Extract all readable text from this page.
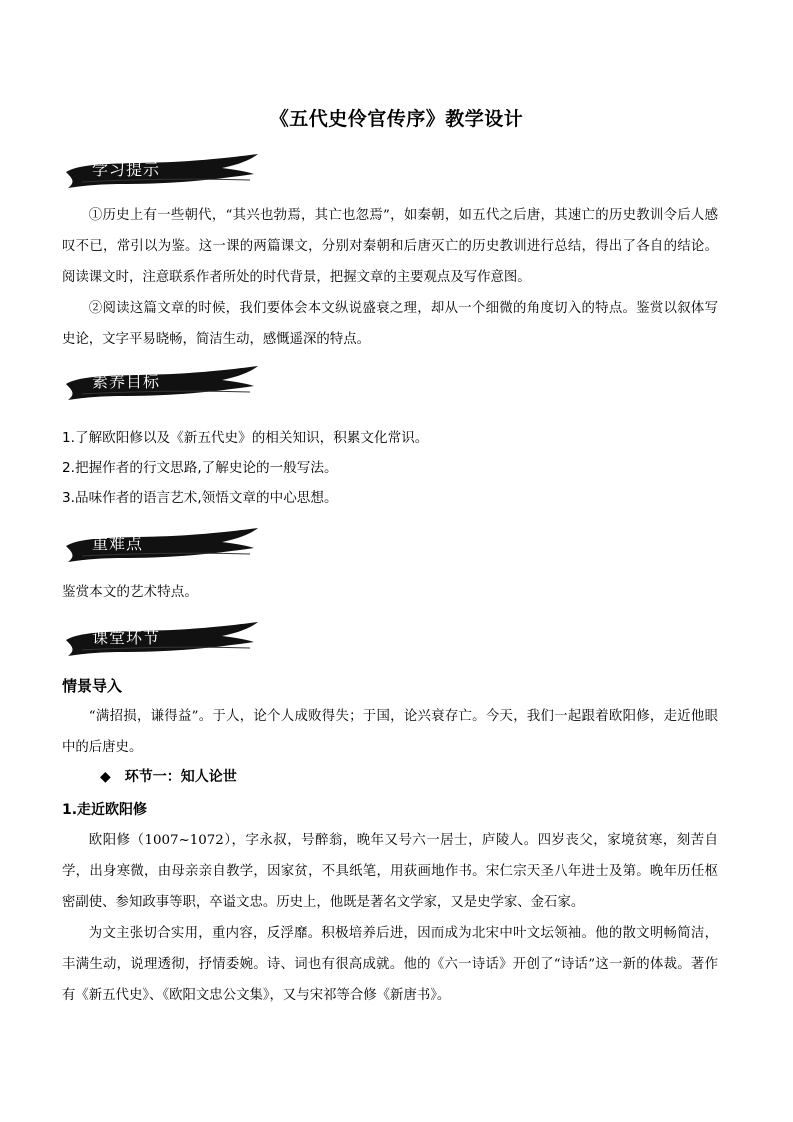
《五代史伶官传序》教学设计
学习提示
①历史上有一些朝代，“其兴也勃焉，其亡也忽焉”，如秦朝，如五代之后唐，其速亡的历史教训令后人感叹不已，常引以为鉴。这一课的两篇课文，分别对秦朝和后唐灭亡的历史教训进行总结，得出了各自的结论。阅读课文时，注意联系作者所处的时代背景，把握文章的主要观点及写作意图。
②阅读这篇文章的时候，我们要体会本文纵说盛衰之理，却从一个细微的角度切入的特点。鉴赏以叙体写史论，文字平易晓畅，简洁生动，感慨遥深的特点。
素养目标
1.了解欧阳修以及《新五代史》的相关知识，积累文化常识。
2.把握作者的行文思路,了解史论的一般写法。
3.品味作者的语言艺术,领悟文章的中心思想。
重难点
鉴赏本文的艺术特点。
课堂环节
情景导入
“满招损，谦得益”。于人，论个人成败得失；于国，论兴衰存亡。今天，我们一起跟着欧阳修，走近他眼中的后唐史。
◆ 环节一：知人论世
1.走近欧阳修
欧阳修（1007~1072），字永叔，号醉翁，晚年又号六一居士，庐陵人。四岁丧父，家境贫寒，刻苦自学，出身寒微，由母亲亲自教学，因家贫，不具纸笔，用荻画地作书。宋仁宗天圣八年进士及第。晚年历任枢密副使、参知政事等职，卒谥文忠。历史上，他既是著名文学家，又是史学家、金石家。
为文主张切合实用，重内容，反浮靡。积极培养后进，因而成为北宋中叶文坛领袖。他的散文明畅简洁，丰满生动，说理透彻，抒情委婉。诗、词也有很高成就。他的《六一诗话》开创了“诗话”这一新的体裁。著作有《新五代史》、《欧阳文忠公文集》，又与宋祁等合修《新唐书》。
